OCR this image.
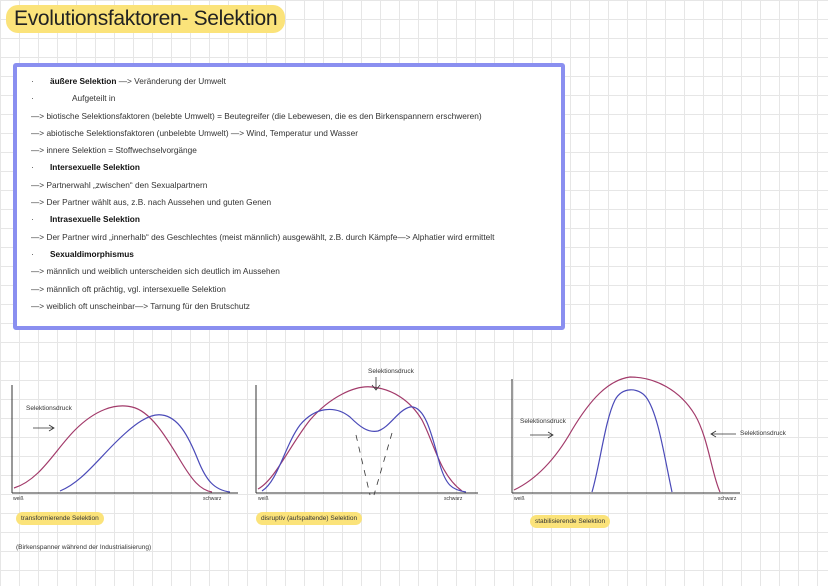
Evolutionsfaktoren- Selektion
· äußere Selektion —> Veränderung der Umwelt
·	Aufgeteilt in
—> biotische Selektionsfaktoren (belebte Umwelt) = Beutegreifer (die Lebewesen, die es den Birkenspannern erschweren)
—> abiotische Selektionsfaktoren (unbelebte Umwelt) —> Wind, Temperatur und Wasser
—> innere Selektion = Stoffwechselvorgänge
· Intersexuelle Selektion
—> Partnerwahl „zwischen“ den Sexualpartnern
—> Der Partner wählt aus, z.B. nach Aussehen und guten Genen
· Intrasexuelle Selektion
—> Der Partner wird „innerhalb“ des Geschlechtes (meist männlich) ausgewählt, z.B. durch Kämpfe—> Alphatier wird ermittelt
· Sexualdimorphismus
—> männlich und weiblich unterscheiden sich deutlich im Aussehen
—> männlich oft prächtig, vgl. intersexuelle Selektion
—> weiblich oft unscheinbar—> Tarnung für den Brutschutz
Selektionsdruck
weiß	schwarz
transformierende Selektion
(Birkenspanner während der Industrialisierung)
Selektionsdruck
weiß	schwarz
disruptiv (aufspaltende) Selektion
Selektionsdruck
Selektionsdruck
weiß	schwarz
stabilisierende Selektion
